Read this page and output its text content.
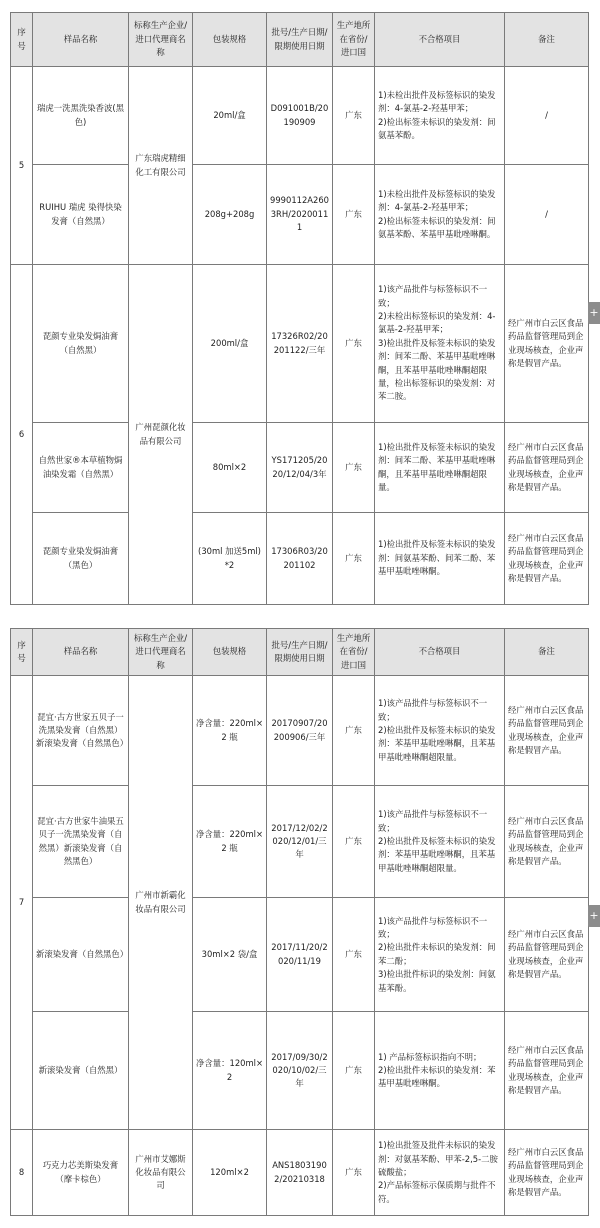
序号	样品名称	标称生产企业/进口代理商名称	包装规格	批号/生产日期/限期使用日期	生产地所在省份/进口国	不合格项目	备注
5	瑞虎一洗黑洗染香波(黑色)	广东瑞虎精细化工有限公司	20ml/盒	D091001B/20190909	广东	1)未检出批件及标签标识的染发剂：4-氯基-2-羟基甲苯；
2)检出标签未标识的染发剂：间氨基苯酚。	/
	RUIHU 瑞虎 染得快染发膏（自然黑）		208g+208g	9990112A2603RH/20200111	广东	1)未检出批件及标签标识的染发剂：4-氯基-2-羟基甲苯；
2)检出标签未标识的染发剂：间氨基苯酚、苯基甲基吡唑啉酮。	/
6	琵颜专业染发焗油膏（自然黑）	广州琵颜化妆品有限公司	200ml/盒	17326R02/20201122/三年	广东	1)该产品批件与标签标识不一致；
2)未检出标签标识的染发剂：4-氯基-2-羟基甲苯；
3)检出批件及标签未标识的染发剂：间苯二酚、苯基甲基吡唑啉酮，且苯基甲基吡唑啉酮超限量，检出标签标识的染发剂：对苯二胺。	经广州市白云区食品药品监督管理局到企业现场核查，企业声称是假冒产品。
	自然世家®本草植物焗油染发霜（自然黑）		80ml×2	YS171205/2020/12/04/3年	广东	1)检出批件及标签未标识的染发剂：间苯二酚、苯基甲基吡唑啉酮，且苯基甲基吡唑啉酮超限量。	经广州市白云区食品药品监督管理局到企业现场核查，企业声称是假冒产品。
	琵颜专业染发焗油膏（黑色）		(30ml 加送5ml)*2	17306R03/20201102	广东	1)检出批件及标签未标识的染发剂：间氨基苯酚、间苯二酚、苯基甲基吡唑啉酮。	经广州市白云区食品药品监督管理局到企业现场核查，企业声称是假冒产品。
序号	样品名称	标称生产企业/进口代理商名称	包装规格	批号/生产日期/限期使用日期	生产地所在省份/进口国	不合格项目	备注
7	琵宜·古方世家五贝子一洗黑染发膏（自然黑）新滚染发膏（自然黑色）	广州市新霸化妆品有限公司	净含量：220ml×2 瓶	20170907/20200906/三年	广东	1)该产品批件与标签标识不一致；
2)检出批件及标签未标识的染发剂：苯基甲基吡唑啉酮，且苯基甲基吡唑啉酮超限量。	经广州市白云区食品药品监督管理局到企业现场核查，企业声称是假冒产品。
	琵宜·古方世家牛油果五贝子一洗黑染发膏（自然黑）新滚染发膏（自然黑色）		净含量：220ml×2 瓶	2017/12/02/2020/12/01/三年	广东	1)该产品批件与标签标识不一致；
2)检出批件及标签未标识的染发剂：苯基甲基吡唑啉酮，且苯基甲基吡唑啉酮超限量。	经广州市白云区食品药品监督管理局到企业现场核查，企业声称是假冒产品。
	新滚染发膏（自然黑色）		30ml×2 袋/盒	2017/11/20/2020/11/19	广东	1)该产品批件与标签标识不一致；
2)检出批件未标识的染发剂：间苯二酚；
3)检出批件标识的染发剂：间氨基苯酚。	经广州市白云区食品药品监督管理局到企业现场核查，企业声称是假冒产品。
	新滚染发膏（自然黑）		净含量：120ml×2	2017/09/30/2020/10/02/三年	广东	1) 产品标签标识指向不明；
2)检出批件未标识的染发剂：苯基甲基吡唑啉酮。	经广州市白云区食品药品监督管理局到企业现场核查，企业声称是假冒产品。
8	巧克力芯美斯染发膏（摩卡棕色）	广州市艾娜斯化妆品有限公司	120ml×2	ANS18031902/20210318	广东	1)检出批签及批件未标识的染发剂：对氨基苯酚、甲苯-2,5-二胺硫酸盐；
2)产品标签标示保质期与批件不符。	经广州市白云区食品药品监督管理局到企业现场核查，企业声称是假冒产品。
+
+
